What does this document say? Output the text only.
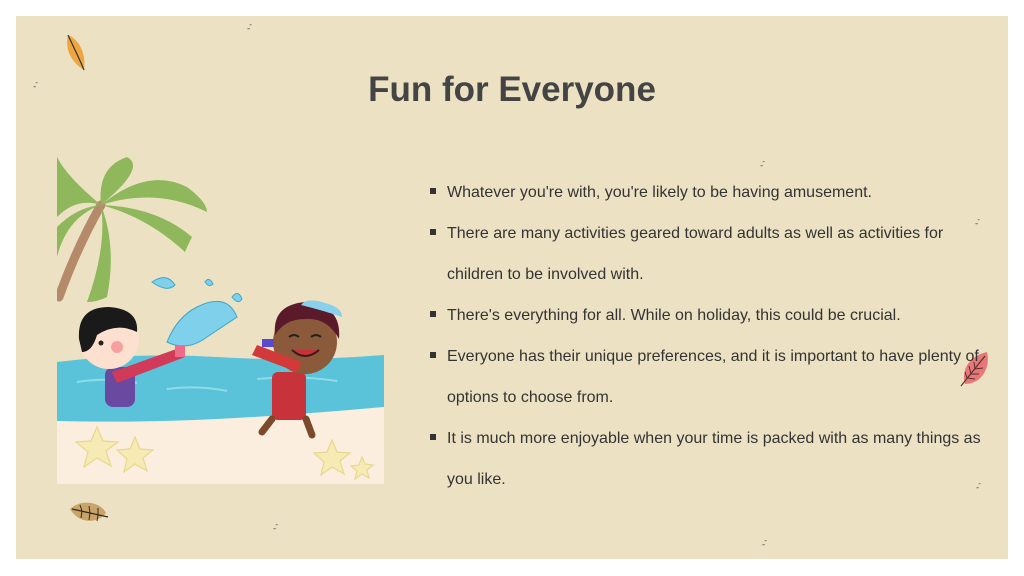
--
--
--
--
--
--
--
Fun for Everyone
Whatever you're with, you're likely to be having amusement.
There are many activities geared toward adults as well as activities for children to be involved with.
There's everything for all. While on holiday, this could be crucial.
Everyone has their unique preferences, and it is important to have plenty of options to choose from.
It is much more enjoyable when your time is packed with as many things as you like.
